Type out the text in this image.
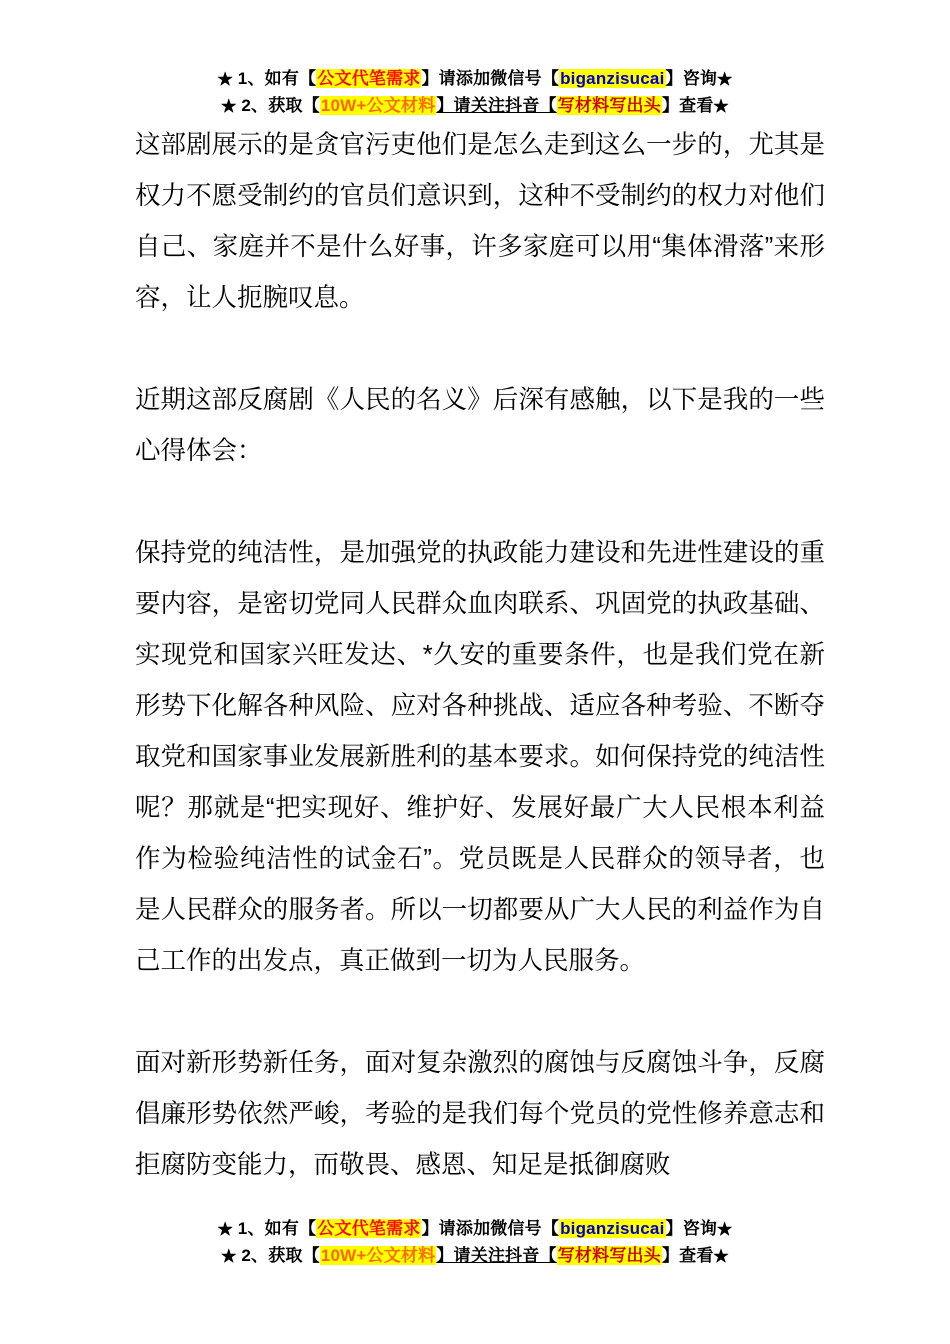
★ 1、如有【公文代笔需求】请添加微信号【biganzisucai】咨询★
★ 2、获取【10W+公文材料】请关注抖音【写材料写出头】查看★

这部剧展示的是贪官污吏他们是怎么走到这么一步的，尤其是权力不愿受制约的官员们意识到，这种不受制约的权力对他们自己、家庭并不是什么好事，许多家庭可以用“集体滑落”来形容，让人扼腕叹息。

近期这部反腐剧《人民的名义》后深有感触，以下是我的一些心得体会：

保持党的纯洁性，是加强党的执政能力建设和先进性建设的重要内容，是密切党同人民群众血肉联系、巩固党的执政基础、实现党和国家兴旺发达、*久安的重要条件，也是我们党在新形势下化解各种风险、应对各种挑战、适应各种考验、不断夺取党和国家事业发展新胜利的基本要求。如何保持党的纯洁性呢？那就是“把实现好、维护好、发展好最广大人民根本利益作为检验纯洁性的试金石”。党员既是人民群众的领导者，也是人民群众的服务者。所以一切都要从广大人民的利益作为自己工作的出发点，真正做到一切为人民服务。

面对新形势新任务，面对复杂激烈的腐蚀与反腐蚀斗争，反腐倡廉形势依然严峻，考验的是我们每个党员的党性修养意志和拒腐防变能力，而敬畏、感恩、知足是抵御腐败

★ 1、如有【公文代笔需求】请添加微信号【biganzisucai】咨询★
★ 2、获取【10W+公文材料】请关注抖音【写材料写出头】查看★
